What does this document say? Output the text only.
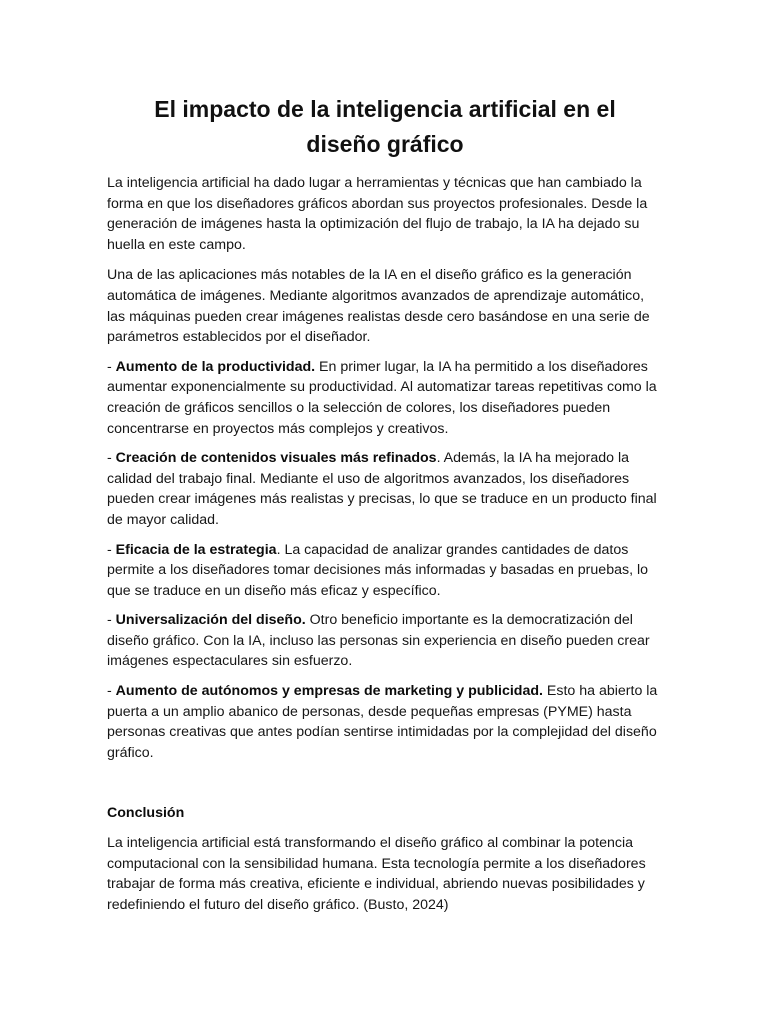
El impacto de la inteligencia artificial en el
diseño gráfico

La inteligencia artificial ha dado lugar a herramientas y técnicas que han cambiado la forma en que los diseñadores gráficos abordan sus proyectos profesionales. Desde la generación de imágenes hasta la optimización del flujo de trabajo, la IA ha dejado su huella en este campo.

Una de las aplicaciones más notables de la IA en el diseño gráfico es la generación automática de imágenes. Mediante algoritmos avanzados de aprendizaje automático, las máquinas pueden crear imágenes realistas desde cero basándose en una serie de parámetros establecidos por el diseñador.

- Aumento de la productividad. En primer lugar, la IA ha permitido a los diseñadores aumentar exponencialmente su productividad. Al automatizar tareas repetitivas como la creación de gráficos sencillos o la selección de colores, los diseñadores pueden concentrarse en proyectos más complejos y creativos.

- Creación de contenidos visuales más refinados. Además, la IA ha mejorado la calidad del trabajo final. Mediante el uso de algoritmos avanzados, los diseñadores pueden crear imágenes más realistas y precisas, lo que se traduce en un producto final de mayor calidad.

- Eficacia de la estrategia. La capacidad de analizar grandes cantidades de datos permite a los diseñadores tomar decisiones más informadas y basadas en pruebas, lo que se traduce en un diseño más eficaz y específico.

- Universalización del diseño. Otro beneficio importante es la democratización del diseño gráfico. Con la IA, incluso las personas sin experiencia en diseño pueden crear imágenes espectaculares sin esfuerzo.

- Aumento de autónomos y empresas de marketing y publicidad. Esto ha abierto la puerta a un amplio abanico de personas, desde pequeñas empresas (PYME) hasta personas creativas que antes podían sentirse intimidadas por la complejidad del diseño gráfico.

Conclusión

La inteligencia artificial está transformando el diseño gráfico al combinar la potencia computacional con la sensibilidad humana. Esta tecnología permite a los diseñadores trabajar de forma más creativa, eficiente e individual, abriendo nuevas posibilidades y redefiniendo el futuro del diseño gráfico. (Busto, 2024)
